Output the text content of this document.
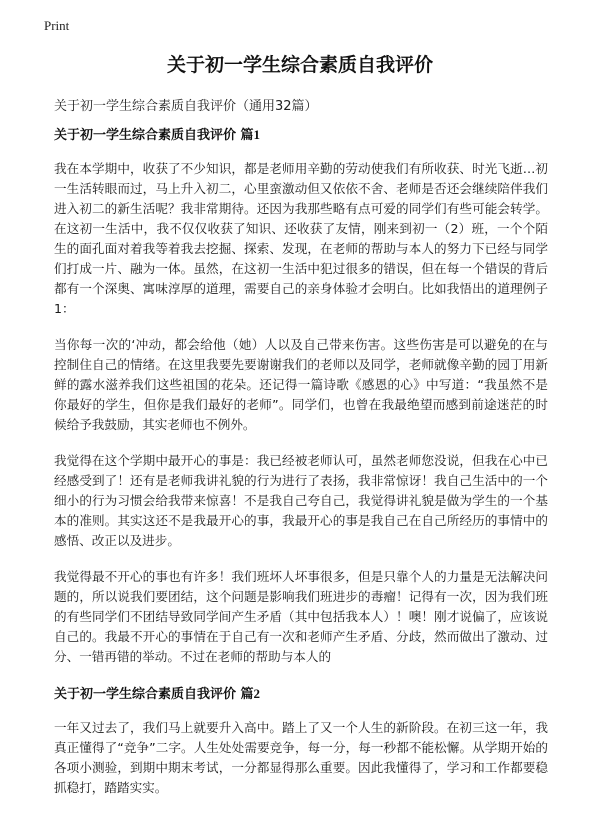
Print
关于初一学生综合素质自我评价
关于初一学生综合素质自我评价（通用32篇）
关于初一学生综合素质自我评价 篇1

我在本学期中，收获了不少知识，都是老师用辛勤的劳动使我们有所收获、时光飞逝…初一生活转眼而过，马上升入初二，心里蛮激动但又依依不舍、老师是否还会继续陪伴我们进入初二的新生活呢？我非常期待。还因为我那些略有点可爱的同学们有些可能会转学。在这初一生活中，我不仅仅收获了知识、还收获了友情，刚来到初一（2）班，一个个陌生的面孔面对着我等着我去挖掘、探索、发现，在老师的帮助与本人的努力下已经与同学们打成一片、融为一体。虽然，在这初一生活中犯过很多的错误，但在每一个错误的背后都有一个深奥、寓味淳厚的道理，需要自己的亲身体验才会明白。比如我悟出的道理例子1：

当你每一次的‘冲动，都会给他（她）人以及自己带来伤害。这些伤害是可以避免的在与控制住自己的情绪。在这里我要先要谢谢我们的老师以及同学，老师就像辛勤的园丁用新鲜的露水滋养我们这些祖国的花朵。还记得一篇诗歌《感恩的心》中写道：“我虽然不是你最好的学生，但你是我们最好的老师”。同学们，也曾在我最绝望而感到前途迷茫的时候给予我鼓励，其实老师也不例外。

我觉得在这个学期中最开心的事是：我已经被老师认可，虽然老师您没说，但我在心中已经感受到了！还有是老师我讲礼貌的行为进行了表扬，我非常惊讶！我自己生活中的一个细小的行为习惯会给我带来惊喜！不是我自己夸自己，我觉得讲礼貌是做为学生的一个基本的准则。其实这还不是我最开心的事，我最开心的事是我自己在自己所经历的事情中的感悟、改正以及进步。

我觉得最不开心的事也有许多！我们班坏人坏事很多，但是只靠个人的力量是无法解决问题的，所以说我们要团结，这个问题是影响我们班进步的毒瘤！记得有一次，因为我们班的有些同学们不团结导致同学间产生矛盾（其中包括我本人）！噢！刚才说偏了，应该说自己的。我最不开心的事情在于自己有一次和老师产生矛盾、分歧，然而做出了激动、过分、一错再错的举动。不过在老师的帮助与本人的

关于初一学生综合素质自我评价 篇2

一年又过去了，我们马上就要升入高中。踏上了又一个人生的新阶段。在初三这一年，我真正懂得了“竞争”二字。人生处处需要竞争，每一分，每一秒都不能松懈。从学期开始的各项小测验，到期中期末考试，一分都显得那么重要。因此我懂得了，学习和工作都要稳抓稳打，踏踏实实。
